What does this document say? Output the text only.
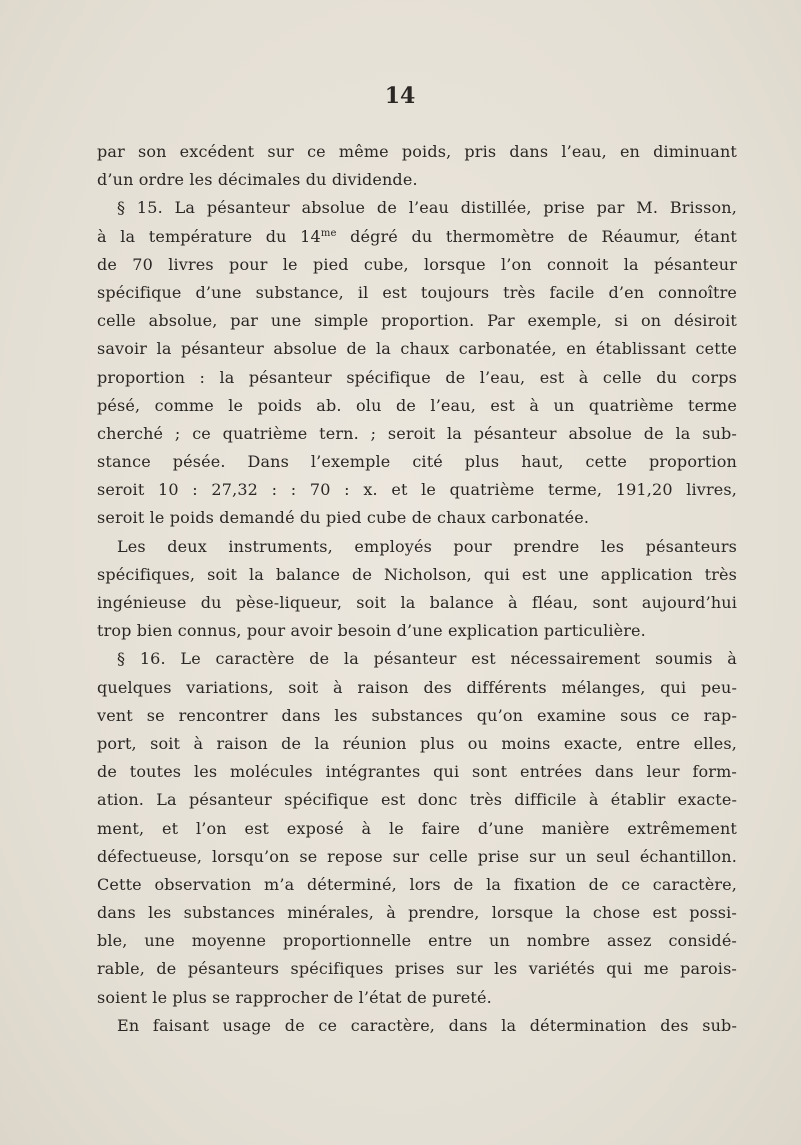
14
par son excédent sur ce même poids, pris dans l’eau, en diminuant
d’un ordre les décimales du dividende.
§ 15. La pésanteur absolue de l’eau distillée, prise par M. Brisson,
à la température du $14^{me}$ dégré du thermomètre de Réaumur, étant
de 70 livres pour le pied cube, lorsque l’on connoit la pésanteur
spécifique d’une substance, il est toujours très facile d’en connoître
celle absolue, par une simple proportion. Par exemple, si on désiroit
savoir la pésanteur absolue de la chaux carbonatée, en établissant cette
proportion : la pésanteur spécifique de l’eau, est à celle du corps
pésé, comme le poids ab. olu de l’eau, est à un quatrième terme
cherché ; ce quatrième tern. ; seroit la pésanteur absolue de la sub-
stance pésée. Dans l’exemple cité plus haut, cette proportion
seroit 10 : 27,32 : : 70 : x. et le quatrième terme, 191,20 livres,
seroit le poids demandé du pied cube de chaux carbonatée.
Les deux instruments, employés pour prendre les pésanteurs
spécifiques, soit la balance de Nicholson, qui est une application très
ingénieuse du pèse-liqueur, soit la balance à fléau, sont aujourd’hui
trop bien connus, pour avoir besoin d’une explication particulière.
§ 16. Le caractère de la pésanteur est nécessairement soumis à
quelques variations, soit à raison des différents mélanges, qui peu-
vent se rencontrer dans les substances qu’on examine sous ce rap-
port, soit à raison de la réunion plus ou moins exacte, entre elles,
de toutes les molécules intégrantes qui sont entrées dans leur form-
ation. La pésanteur spécifique est donc très difficile à établir exacte-
ment, et l’on est exposé à le faire d’une manière extrêmement
défectueuse, lorsqu’on se repose sur celle prise sur un seul échantillon.
Cette observation m’a déterminé, lors de la fixation de ce caractère,
dans les substances minérales, à prendre, lorsque la chose est possi-
ble, une moyenne proportionnelle entre un nombre assez considé-
rable, de pésanteurs spécifiques prises sur les variétés qui me parois-
soient le plus se rapprocher de l’état de pureté.
En faisant usage de ce caractère, dans la détermination des sub-
